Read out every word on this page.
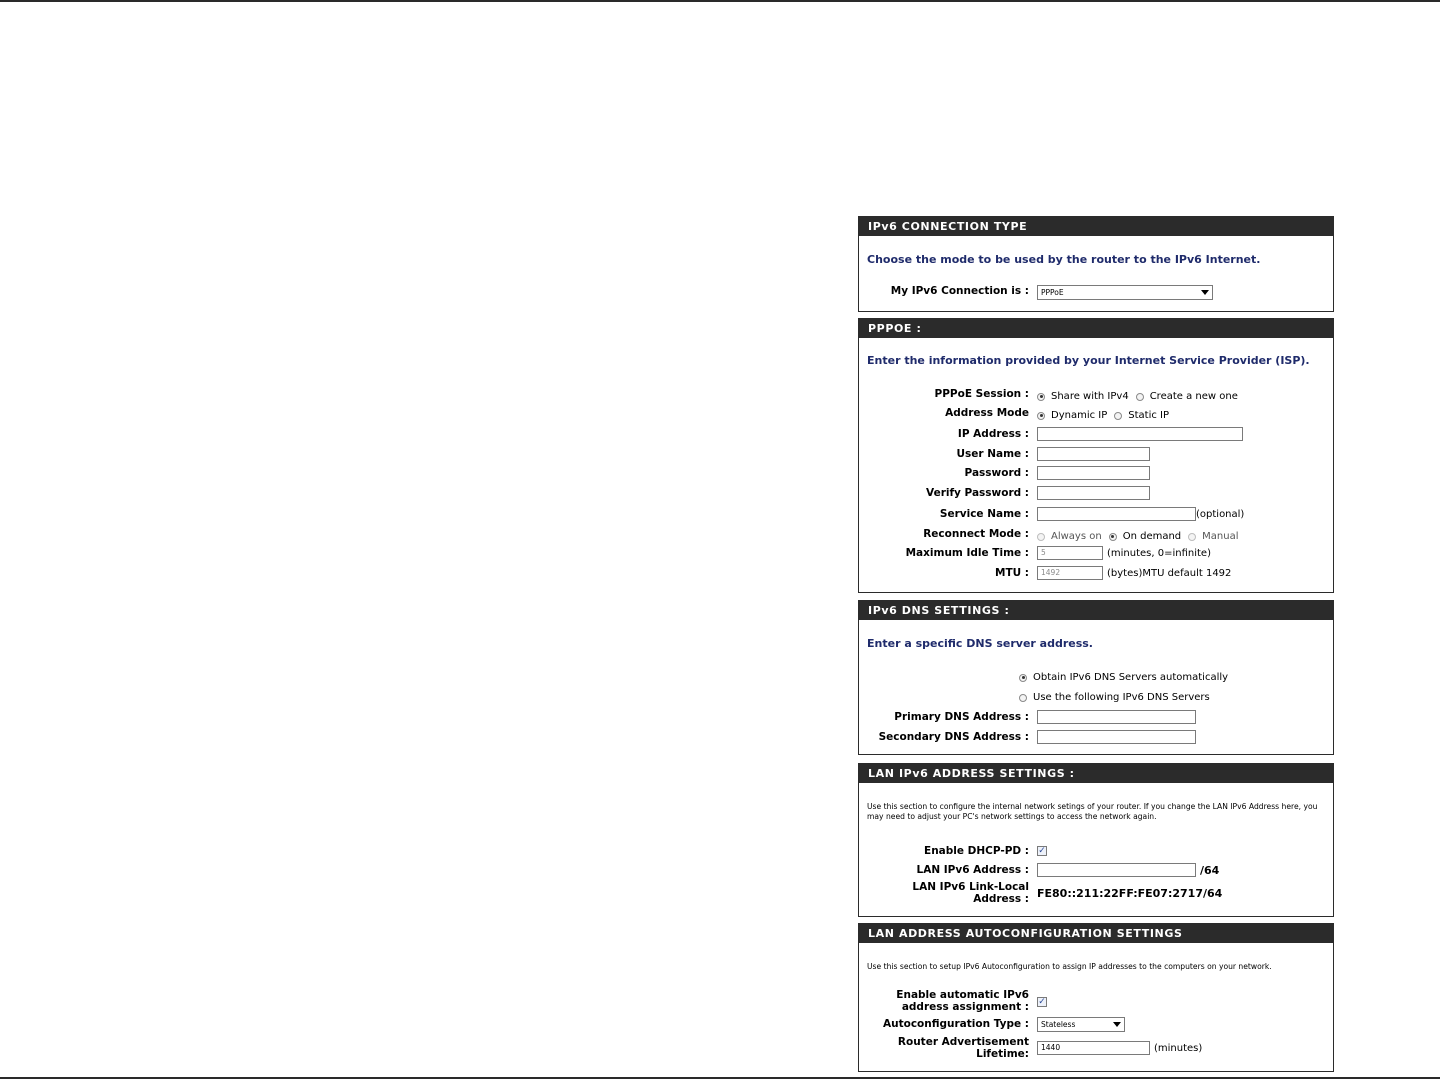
IPv6 CONNECTION TYPE
Choose the mode to be used by the router to the IPv6 Internet.
My IPv6 Connection is :	PPPoE
PPPOE :
Enter the information provided by your Internet Service Provider (ISP).
PPPoE Session : Share with IPv4 Create a new one
Address Mode Dynamic IP Static IP
IP Address :
User Name :
Password :
Verify Password :
Service Name :	(optional)
Reconnect Mode : Always on On demand Manual
Maximum Idle Time :	5	(minutes, 0=infinite)
MTU :	1492	(bytes)MTU default 1492
IPv6 DNS SETTINGS :
Enter a specific DNS server address.
Obtain IPv6 DNS Servers automatically
Use the following IPv6 DNS Servers
Primary DNS Address :
Secondary DNS Address :
LAN IPv6 ADDRESS SETTINGS :
Use this section to configure the internal network setings of your router. If you change the LAN IPv6 Address here, you may need to adjust your PC's network settings to access the network again.
Enable DHCP-PD : ✓
LAN IPv6 Address :	/64
LAN IPv6 Link-Local
Address : FE80::211:22FF:FE07:2717/64
LAN ADDRESS AUTOCONFIGURATION SETTINGS
Use this section to setup IPv6 Autoconfiguration to assign IP addresses to the computers on your network.
Enable automatic IPv6
address assignment : ✓
Autoconfiguration Type :	Stateless
Router Advertisement
Lifetime:
1440	(minutes)
